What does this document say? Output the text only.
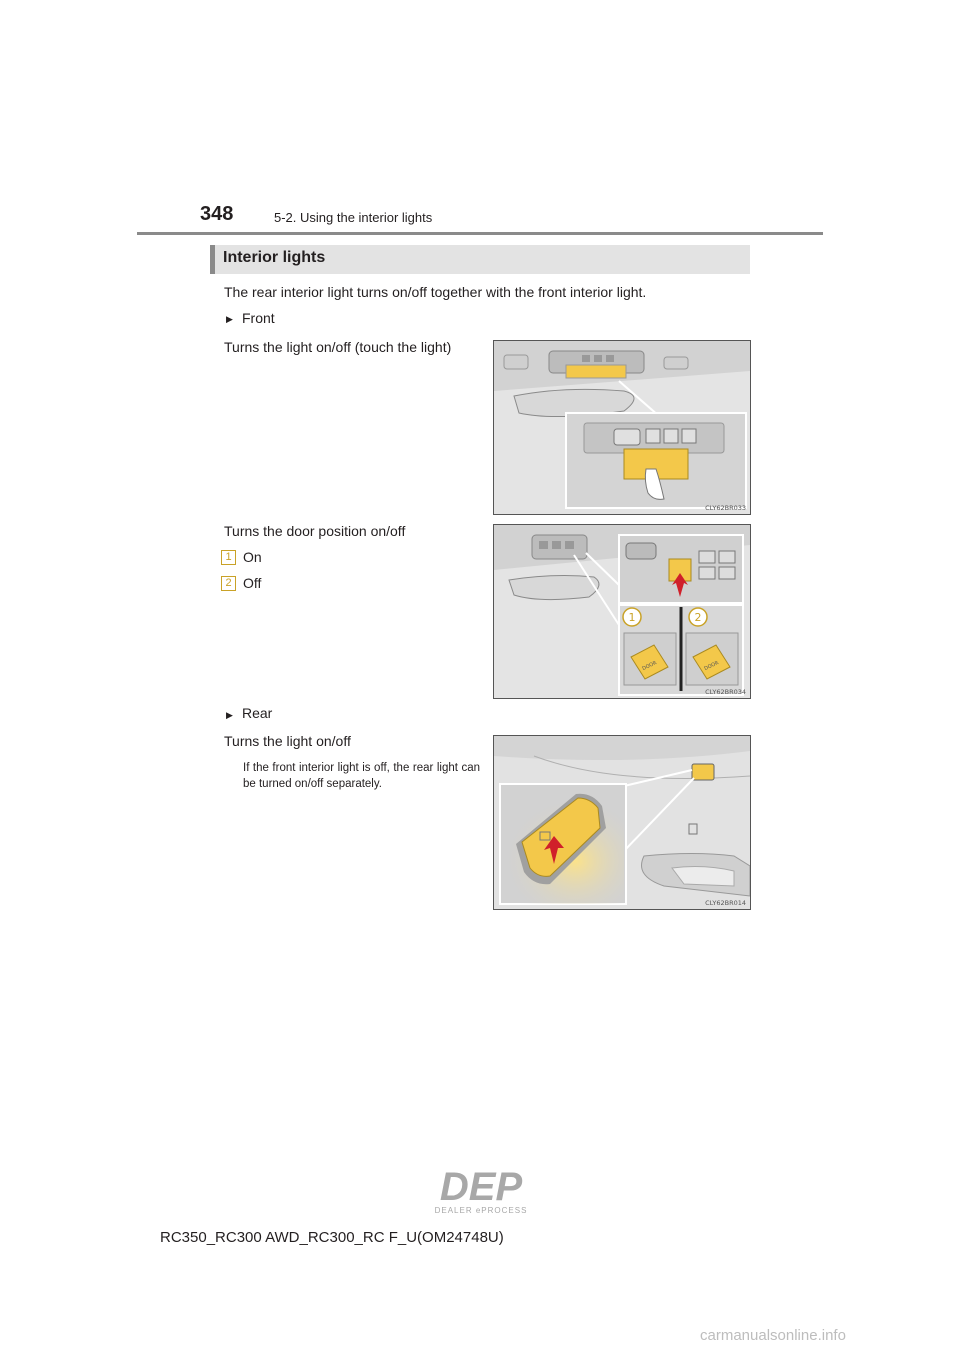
348	5-2. Using the interior lights
Interior lights
The rear interior light turns on/off together with the front interior light.
▶ Front
Turns the light on/off (touch the light)
CLY62BR033
Turns the door position on/off
1 On
2 Off
1	2
DOOR	DOOR
CLY62BR034
▶ Rear
Turns the light on/off
If the front interior light is off, the rear light can be turned on/off separately.
CLY62BR014
DEP
DEALER ePROCESS
RC350_RC300 AWD_RC300_RC F_U(OM24748U)
carmanualsonline.info
